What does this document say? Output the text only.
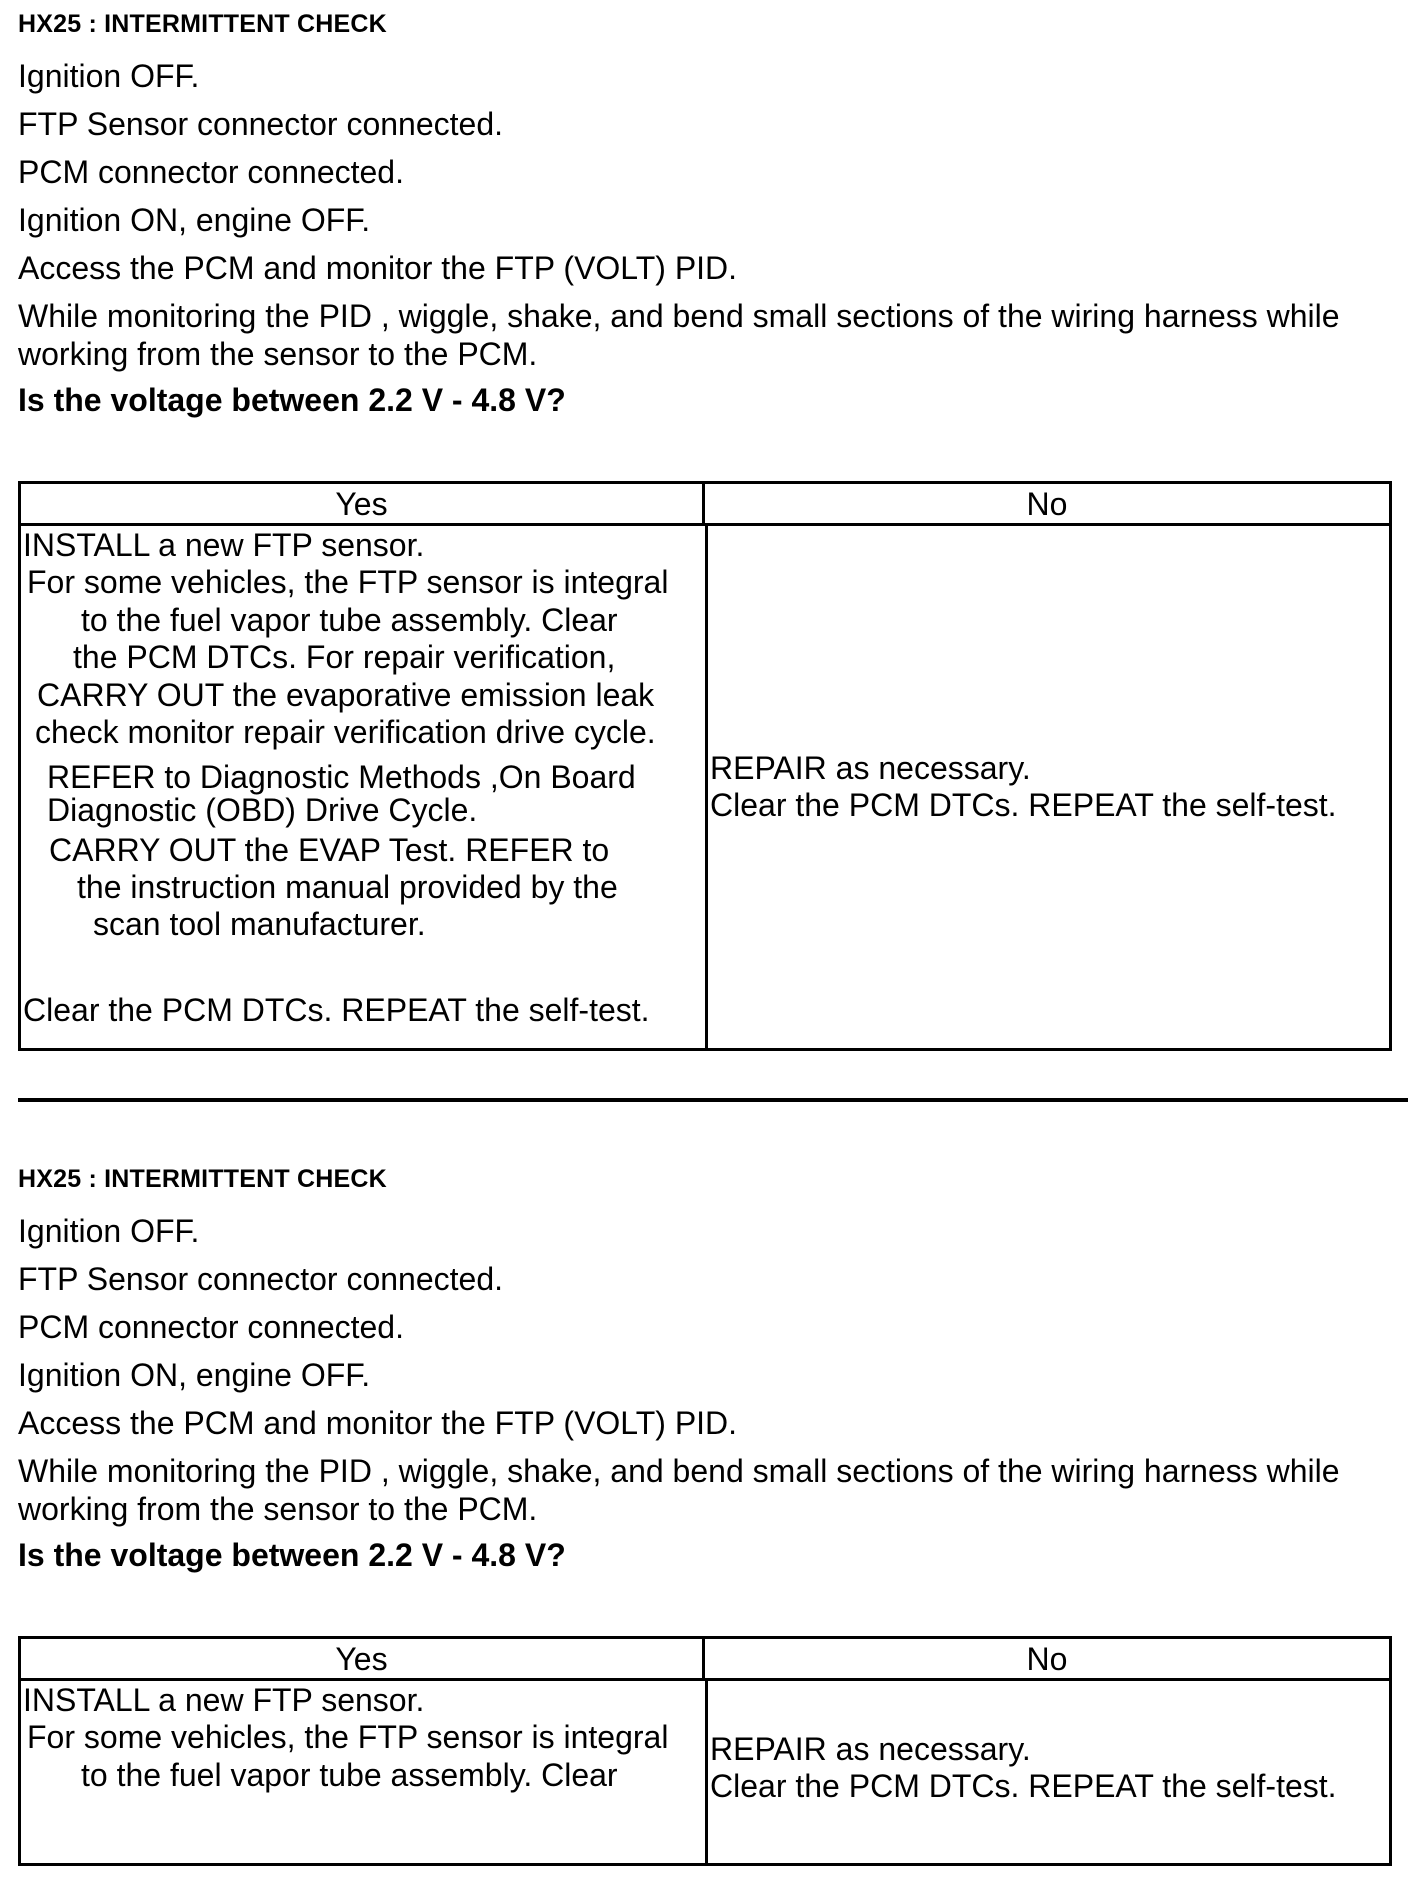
HX25 : INTERMITTENT CHECK
Ignition OFF.
FTP Sensor connector connected.
PCM connector connected.
Ignition ON, engine OFF.
Access the PCM and monitor the FTP (VOLT) PID.
While monitoring the PID , wiggle, shake, and bend small sections of the wiring harness while working from the sensor to the PCM.
Is the voltage between 2.2 V - 4.8 V?
Yes	No
INSTALL a new FTP sensor.
For some vehicles, the FTP sensor is integral
to the fuel vapor tube assembly. Clear
the PCM DTCs. For repair verification,
CARRY OUT the evaporative emission leak
check monitor repair verification drive cycle.
REFER to Diagnostic Methods ,On Board
Diagnostic (OBD) Drive Cycle.
CARRY OUT the EVAP Test. REFER to
the instruction manual provided by the
scan tool manufacturer.
Clear the PCM DTCs. REPEAT the self-test.
REPAIR as necessary.
Clear the PCM DTCs. REPEAT the self-test.
HX25 : INTERMITTENT CHECK
Ignition OFF.
FTP Sensor connector connected.
PCM connector connected.
Ignition ON, engine OFF.
Access the PCM and monitor the FTP (VOLT) PID.
While monitoring the PID , wiggle, shake, and bend small sections of the wiring harness while working from the sensor to the PCM.
Is the voltage between 2.2 V - 4.8 V?
Yes	No
INSTALL a new FTP sensor.
For some vehicles, the FTP sensor is integral
to the fuel vapor tube assembly. Clear
REPAIR as necessary.
Clear the PCM DTCs. REPEAT the self-test.
